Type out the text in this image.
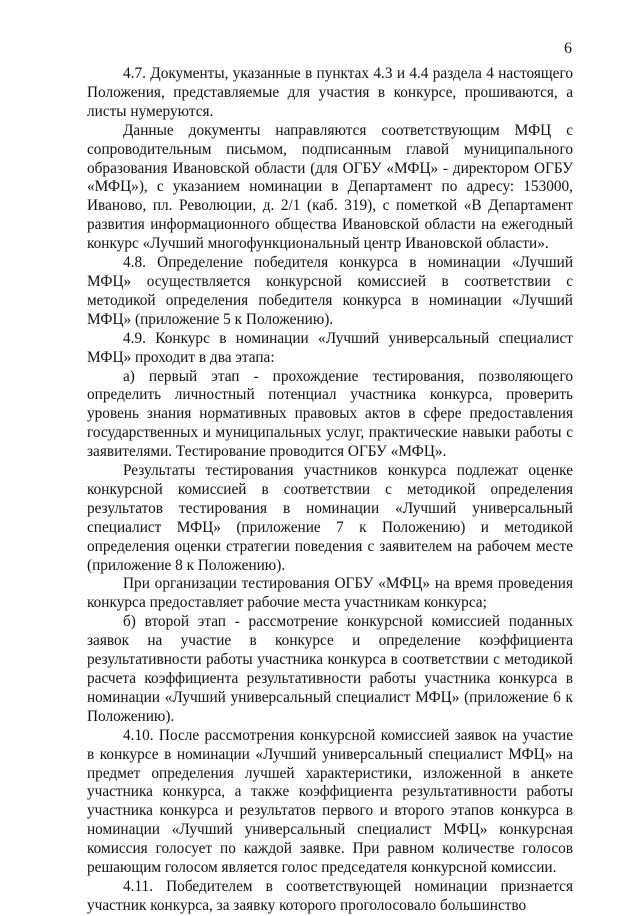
6

4.7. Документы, указанные в пунктах 4.3 и 4.4 раздела 4 настоящего Положения, представляемые для участия в конкурсе, прошиваются, а листы нумеруются.

Данные документы направляются соответствующим МФЦ с сопроводительным письмом, подписанным главой муниципального образования Ивановской области (для ОГБУ «МФЦ» - директором ОГБУ «МФЦ»), с указанием номинации в Департамент по адресу: 153000, Иваново, пл. Революции, д. 2/1 (каб. 319), с пометкой «В Департамент развития информационного общества Ивановской области на ежегодный конкурс «Лучший многофункциональный центр Ивановской области».

4.8. Определение победителя конкурса в номинации «Лучший МФЦ» осуществляется конкурсной комиссией в соответствии с методикой определения победителя конкурса в номинации «Лучший МФЦ» (приложение 5 к Положению).

4.9. Конкурс в номинации «Лучший универсальный специалист МФЦ» проходит в два этапа:

а) первый этап - прохождение тестирования, позволяющего определить личностный потенциал участника конкурса, проверить уровень знания нормативных правовых актов в сфере предоставления государственных и муниципальных услуг, практические навыки работы с заявителями. Тестирование проводится ОГБУ «МФЦ».

Результаты тестирования участников конкурса подлежат оценке конкурсной комиссией в соответствии с методикой определения результатов тестирования в номинации «Лучший универсальный специалист МФЦ» (приложение 7 к Положению) и методикой определения оценки стратегии поведения с заявителем на рабочем месте (приложение 8 к Положению).

При организации тестирования ОГБУ «МФЦ» на время проведения конкурса предоставляет рабочие места участникам конкурса;

б) второй этап - рассмотрение конкурсной комиссией поданных заявок на участие в конкурсе и определение коэффициента результативности работы участника конкурса в соответствии с методикой расчета коэффициента результативности работы участника конкурса в номинации «Лучший универсальный специалист МФЦ» (приложение 6 к Положению).

4.10. После рассмотрения конкурсной комиссией заявок на участие в конкурсе в номинации «Лучший универсальный специалист МФЦ» на предмет определения лучшей характеристики, изложенной в анкете участника конкурса, а также коэффициента результативности работы участника конкурса и результатов первого и второго этапов конкурса в номинации «Лучший универсальный специалист МФЦ» конкурсная комиссия голосует по каждой заявке. При равном количестве голосов решающим голосом является голос председателя конкурсной комиссии.

4.11. Победителем в соответствующей номинации признается участник конкурса, за заявку которого проголосовало большинство
